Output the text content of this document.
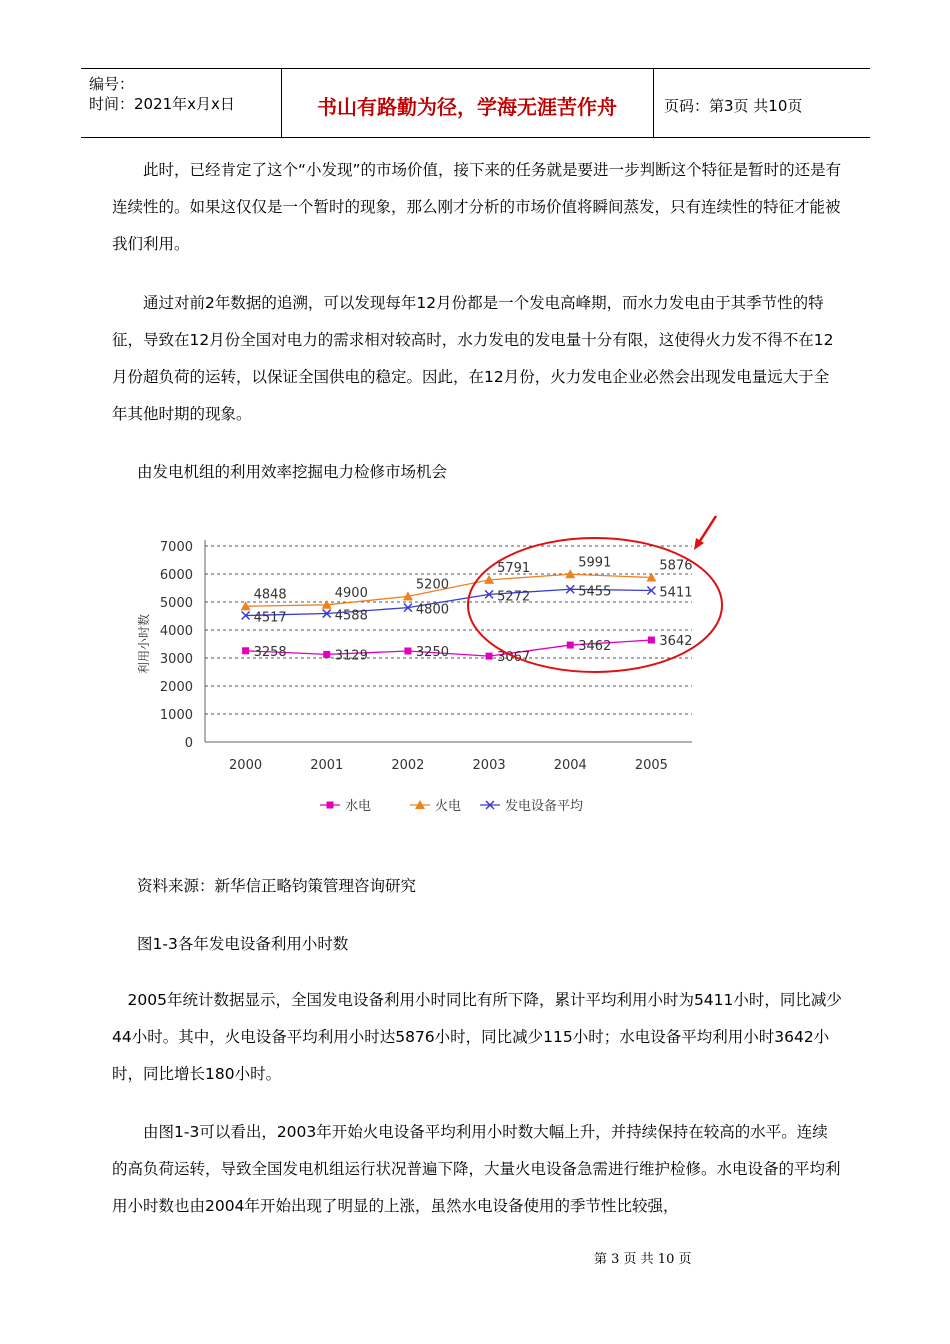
编号：
时间：2021年x月x日	书山有路勤为径，学海无涯苦作舟	页码：第3页 共10页

　　此时，已经肯定了这个“小发现”的市场价值，接下来的任务就是要进一步判断这个特征是暂时的还是有连续性的。如果这仅仅是一个暂时的现象，那么刚才分析的市场价值将瞬间蒸发，只有连续性的特征才能被我们利用。

　　通过对前2年数据的追溯，可以发现每年12月份都是一个发电高峰期，而水力发电由于其季节性的特征，导致在12月份全国对电力的需求相对较高时，水力发电的发电量十分有限，这使得火力发不得不在12月份超负荷的运转，以保证全国供电的稳定。因此，在12月份，火力发电企业必然会出现发电量远大于全年其他时期的现象。

由发电机组的利用效率挖掘电力检修市场机会
0
1000
2000
3000
4000
5000
6000
7000
2000	2001	2002	2003	2004	2005
利用小时数	3258	3129	3250	3067
3462	3642
4848	4900
5200
5791	5991	5876
4517	4588	4800
5272	5455	5411
水电	火电	发电设备平均
资料来源：新华信正略钧策管理咨询研究
图1-3各年发电设备利用小时数

　2005年统计数据显示，全国发电设备利用小时同比有所下降，累计平均利用小时为5411小时，同比减少44小时。其中，火电设备平均利用小时达5876小时，同比减少115小时；水电设备平均利用小时3642小时，同比增长180小时。

　　由图1-3可以看出，2003年开始火电设备平均利用小时数大幅上升，并持续保持在较高的水平。连续的高负荷运转，导致全国发电机组运行状况普遍下降，大量火电设备急需进行维护检修。水电设备的平均利用小时数也由2004年开始出现了明显的上涨，虽然水电设备使用的季节性比较强，

第 3 页 共 10 页
